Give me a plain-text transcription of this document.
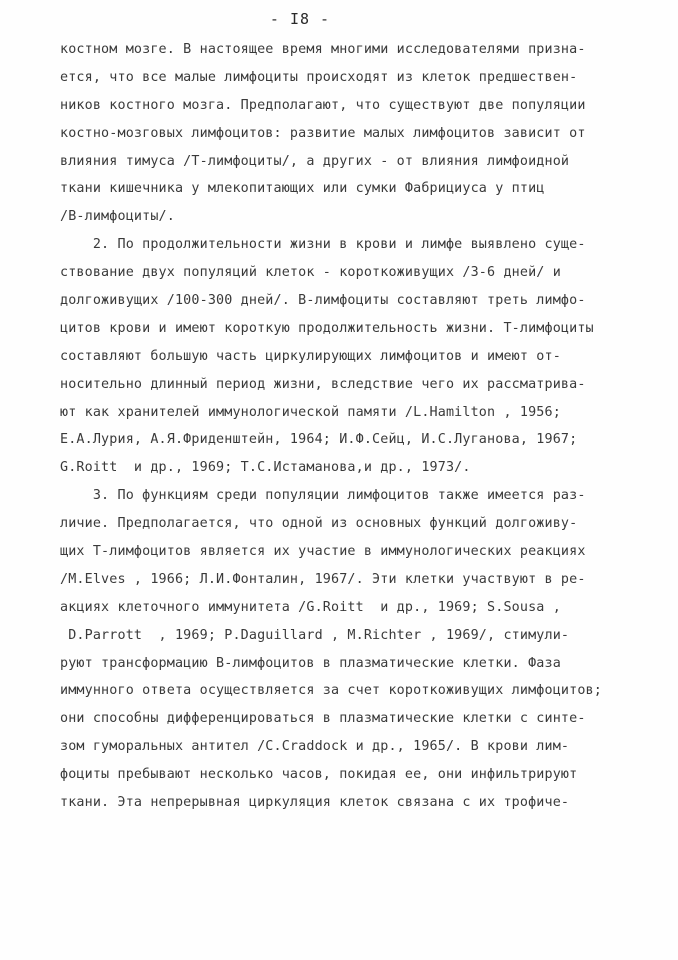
- I8 -
костном мозге. В настоящее время многими исследователями призна-
ется, что все малые лимфоциты происходят из клеток предшествен-
ников костного мозга. Предполагают, что существуют две популяции
костно-мозговых лимфоцитов: развитие малых лимфоцитов зависит от
влияния тимуса /Т-лимфоциты/, а других - от влияния лимфоидной
ткани кишечника у млекопитающих или сумки Фабрициуса у птиц
/В-лимфоциты/.
2. По продолжительности жизни в крови и лимфе выявлено суще-
ствование двух популяций клеток - короткоживущих /3-6 дней/ и
долгоживущих /100-300 дней/. В-лимфоциты составляют треть лимфо-
цитов крови и имеют короткую продолжительность жизни. Т-лимфоциты
составляют большую часть циркулирующих лимфоцитов и имеют от-
носительно длинный период жизни, вследствие чего их рассматрива-
ют как хранителей иммунологической памяти /L.Hamilton , 1956;
Е.А.Лурия, А.Я.Фриденштейн, 1964; И.Ф.Сейц, И.С.Луганова, 1967;
G.Roitt  и др., 1969; Т.С.Истаманова,и др., 1973/.
3. По функциям среди популяции лимфоцитов также имеется раз-
личие. Предполагается, что одной из основных функций долгоживу-
щих Т-лимфоцитов является их участие в иммунологических реакциях
/M.Elves , 1966; Л.И.Фонталин, 1967/. Эти клетки участвуют в ре-
акциях клеточного иммунитета /G.Roitt  и др., 1969; S.Sousa ,
D.Parrott  , 1969; P.Daguillard , M.Richter , 1969/, стимули-
руют трансформацию В-лимфоцитов в плазматические клетки. Фаза
иммунного ответа осуществляется за счет короткоживущих лимфоцитов;
они способны дифференцироваться в плазматические клетки с синте-
зом гуморальных антител /C.Craddock и др., 1965/. В крови лим-
фоциты пребывают несколько часов, покидая ее, они инфильтрируют
ткани. Эта непрерывная циркуляция клеток связана с их трофиче-
